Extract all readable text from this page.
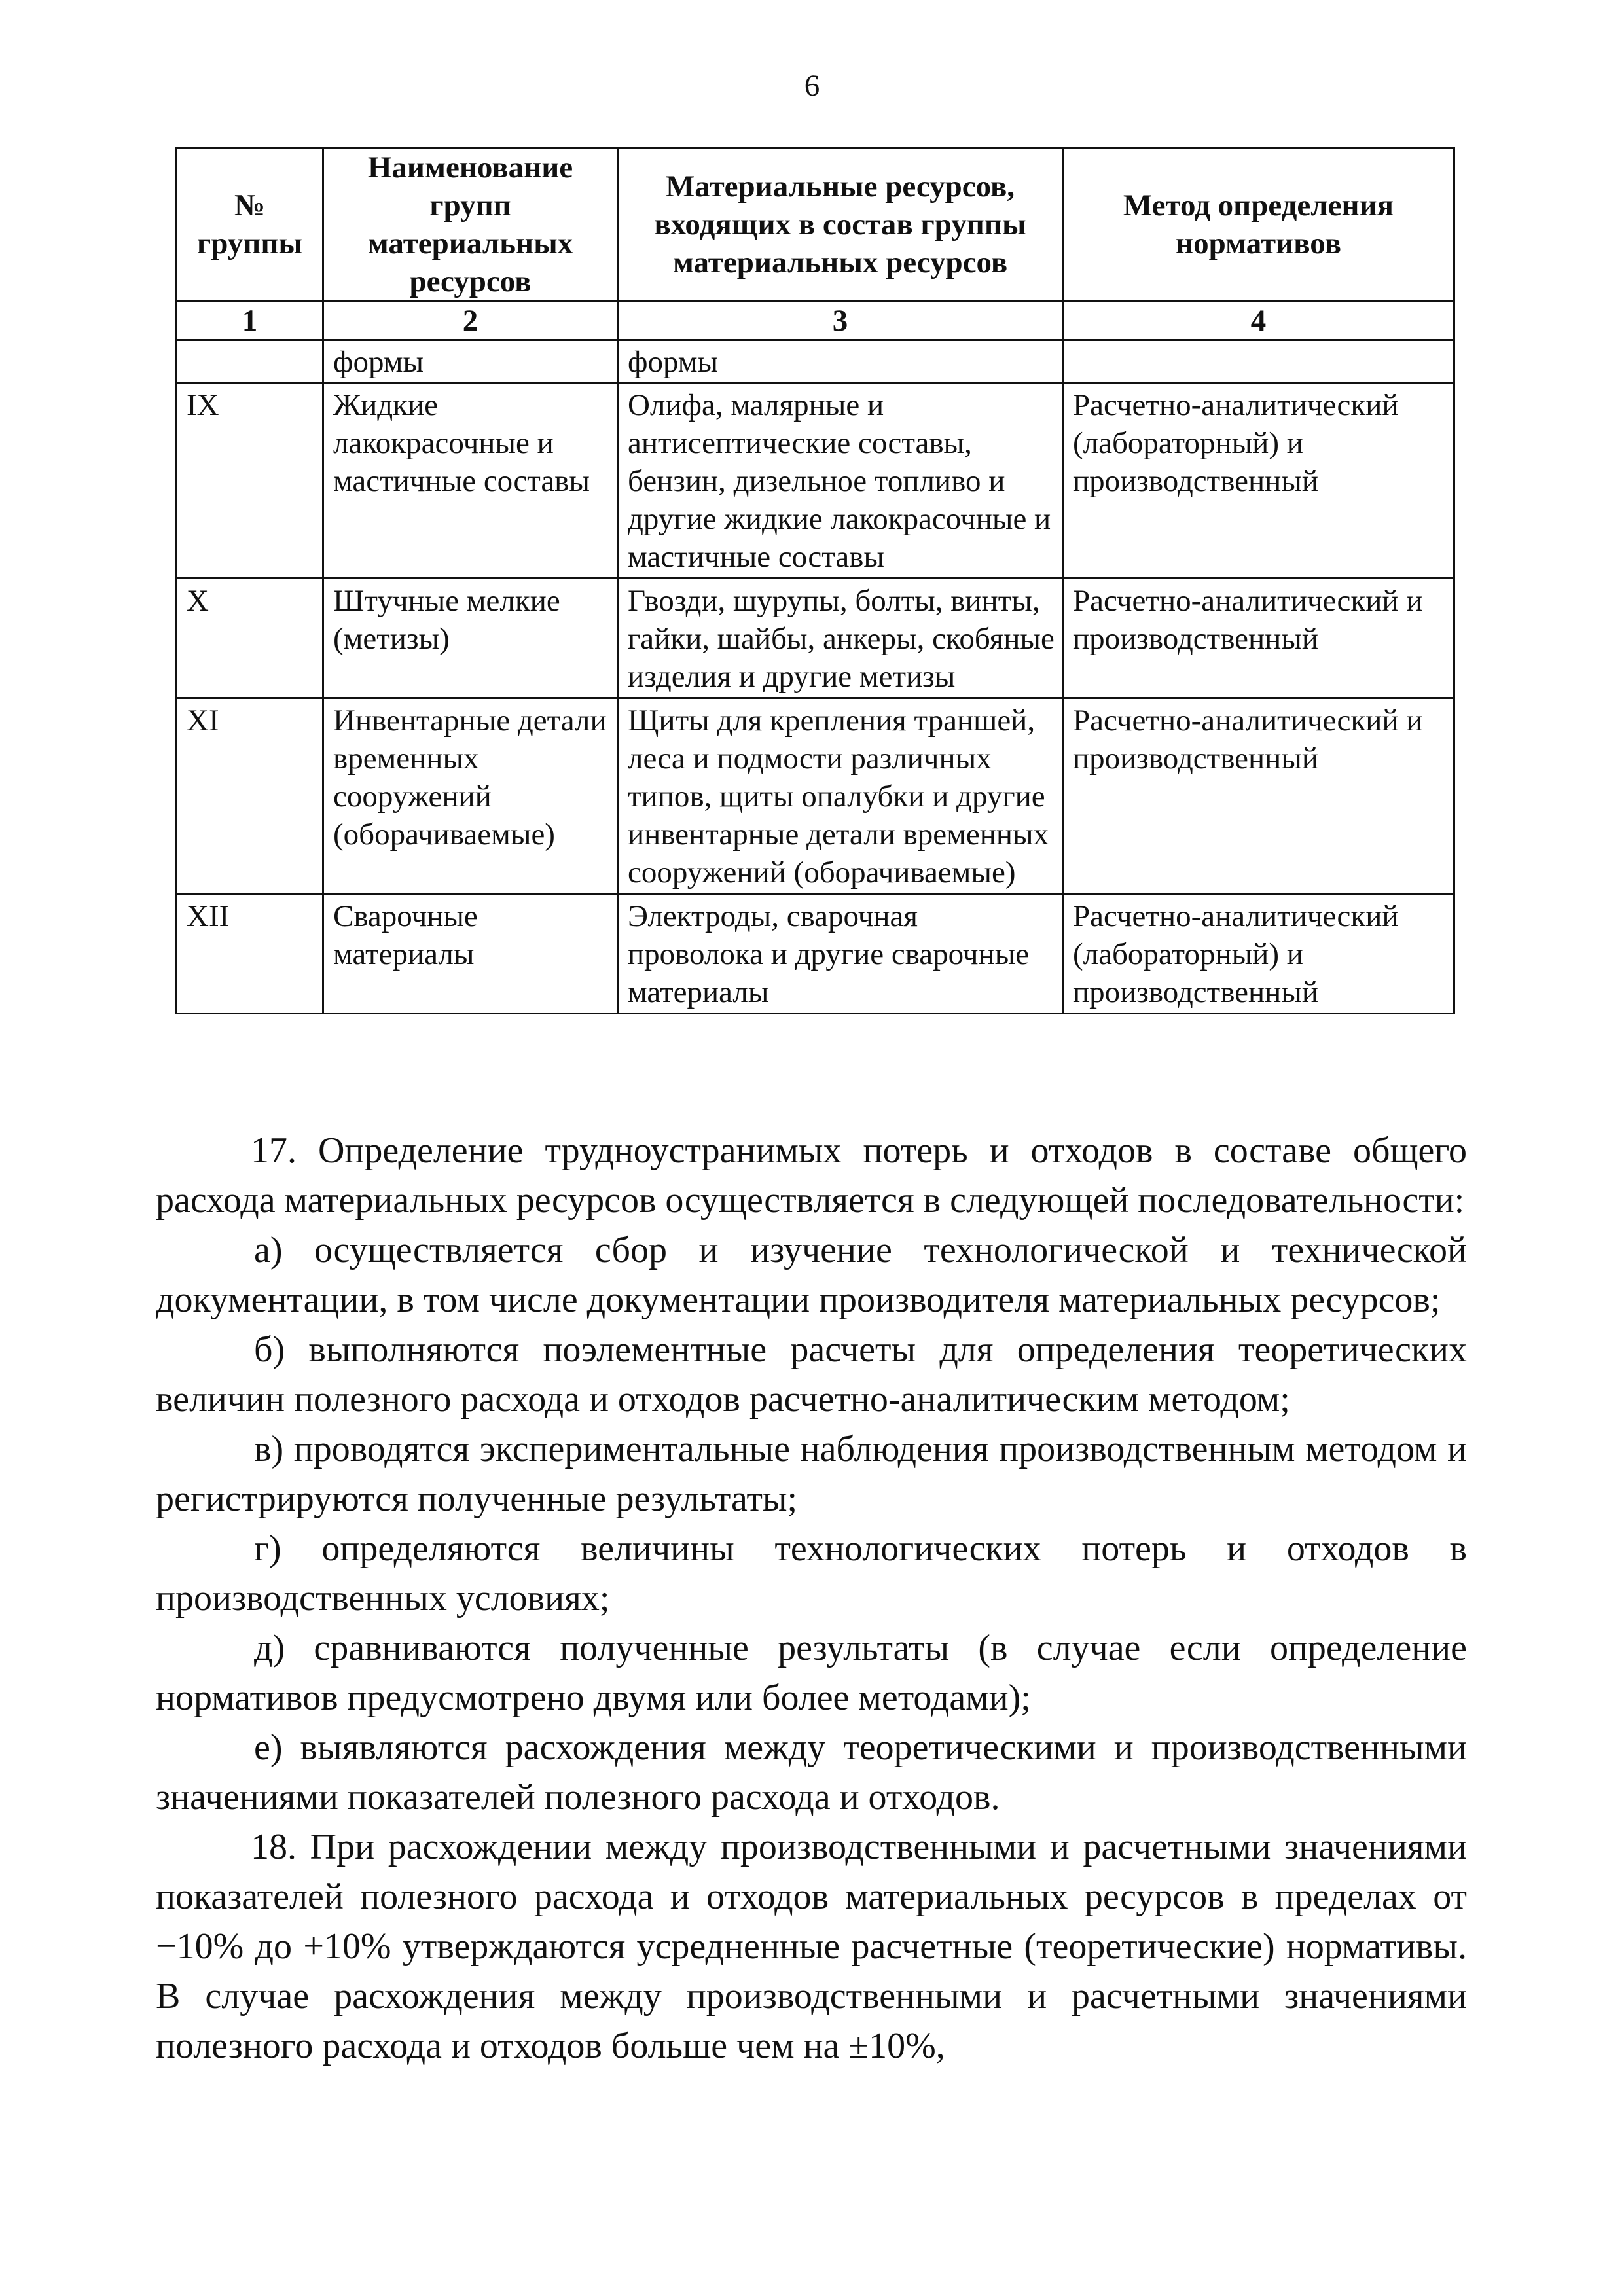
6
№ группы	Наименование групп материальных ресурсов	Материальные ресурсов, входящих в состав группы материальных ресурсов	Метод определения нормативов
1	2	3	4
	формы	формы	
IX	Жидкие лакокрасочные и мастичные составы	Олифа, малярные и антисептические составы, бензин, дизельное топливо и другие жидкие лакокрасочные и мастичные составы	Расчетно-аналитический (лабораторный) и производственный
X	Штучные мелкие (метизы)	Гвозди, шурупы, болты, винты, гайки, шайбы, анкеры, скобяные изделия и другие метизы	Расчетно-аналитический и производственный
XI	Инвентарные детали временных сооружений (оборачиваемые)	Щиты для крепления траншей, леса и подмости различных типов, щиты опалубки и другие инвентарные детали временных сооружений (оборачиваемые)	Расчетно-аналитический и производственный
XII	Сварочные материалы	Электроды, сварочная проволока и другие сварочные материалы	Расчетно-аналитический (лабораторный) и производственный

17. Определение трудноустранимых потерь и отходов в составе общего расхода материальных ресурсов осуществляется в следующей последовательности:

а) осуществляется сбор и изучение технологической и технической документации, в том числе документации производителя материальных ресурсов;

б) выполняются поэлементные расчеты для определения теоретических величин полезного расхода и отходов расчетно-аналитическим методом;

в) проводятся экспериментальные наблюдения производственным методом и регистрируются полученные результаты;

г) определяются величины технологических потерь и отходов в производственных условиях;

д) сравниваются полученные результаты (в случае если определение нормативов предусмотрено двумя или более методами);

е) выявляются расхождения между теоретическими и производственными значениями показателей полезного расхода и отходов.

18. При расхождении между производственными и расчетными значениями показателей полезного расхода и отходов материальных ресурсов в пределах от −10% до +10% утверждаются усредненные расчетные (теоретические) нормативы. В случае расхождения между производственными и расчетными значениями полезного расхода и отходов больше чем на ±10%,
